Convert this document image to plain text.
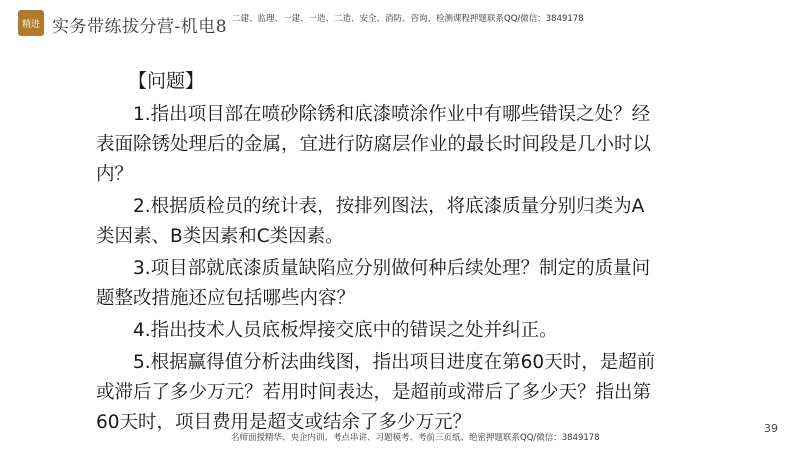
精进 实务带练拔分营-机电8 二建、监理、一建、一造、二造、安全、消防、咨询、检测课程押题联系QQ/微信：3849178
【问题】

1.指出项目部在喷砂除锈和底漆喷涂作业中有哪些错误之处？经表面除锈处理后的金属，宜进行防腐层作业的最长时间段是几小时以内？

2.根据质检员的统计表，按排列图法，将底漆质量分别归类为A类因素、B类因素和C类因素。

3.项目部就底漆质量缺陷应分别做何种后续处理？制定的质量问题整改措施还应包括哪些内容？

4.指出技术人员底板焊接交底中的错误之处并纠正。

5.根据赢得值分析法曲线图，指出项目进度在第60天时，是超前或滞后了多少万元？若用时间表达，是超前或滞后了多少天？指出第60天时，项目费用是超支或结余了多少万元？	39
名师面授精华、央企内训、考点串讲、习题模考、考前三页纸、绝密押题联系QQ/微信：3849178
